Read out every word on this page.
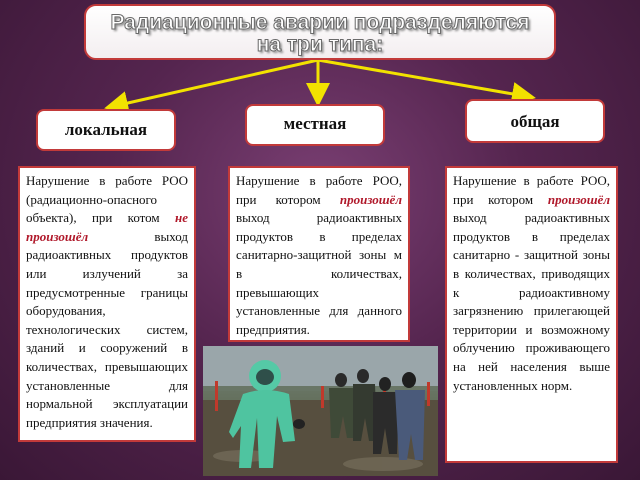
Радиационные аварии подразделяются
на три типа:
локальная	местная	общая
Нарушение в работе РОО (радиационно-опасного объекта), при котом не произошёл выход радиоактивных продуктов или излучений за предусмотренные границы оборудования, технологических систем, зданий и сооружений в количествах, превышающих установленные для нормальной эксплуатации предприятия значения.
Нарушение в работе РОО, при котором произошёл выход радиоактивных продуктов в пределах санитарно-защитной зоны м в количествах, превышающих установленные для данного предприятия.
Нарушение в работе РОО, при котором произошёл выход радиоактивных продуктов в пределах санитарно - защитной зоны в количествах, приводящих к радиоактивному загрязнению прилегающей территории и возможному облучению проживающего на ней населения выше установленных норм.
